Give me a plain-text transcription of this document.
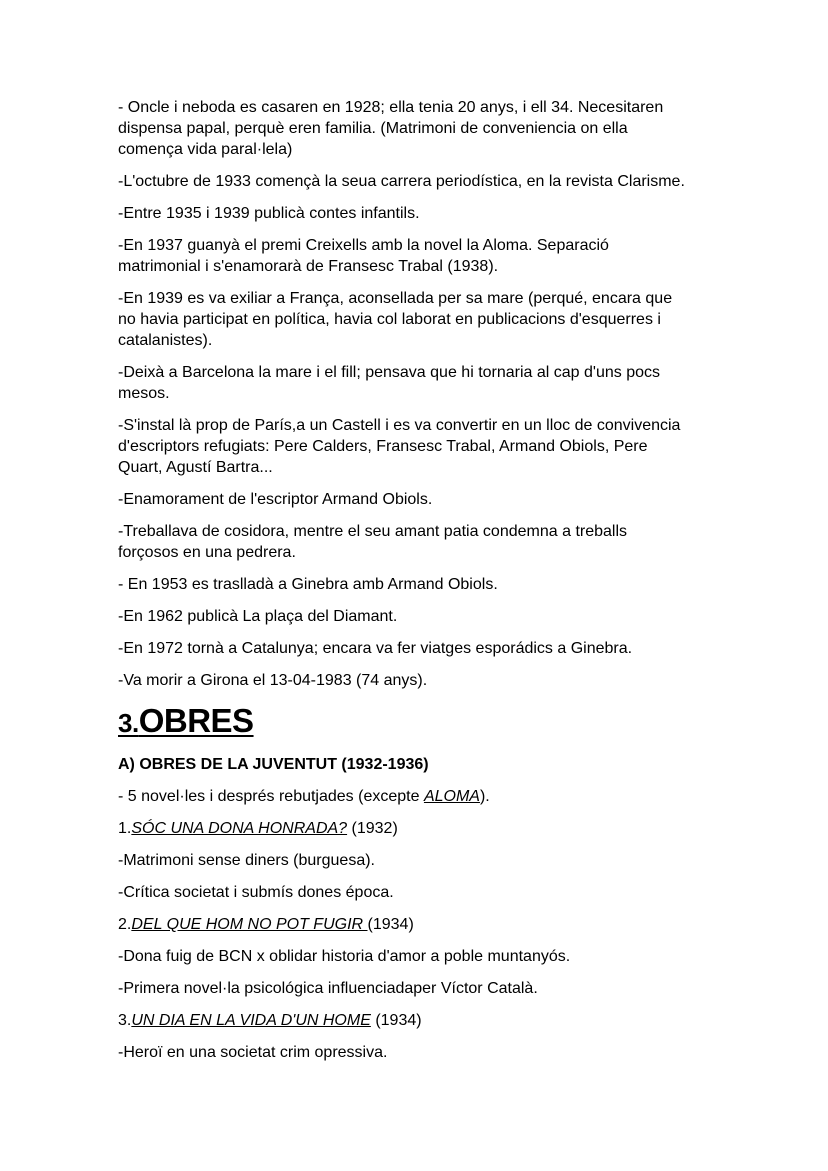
- Oncle i neboda es casaren en 1928; ella tenia 20 anys, i ell 34. Necesitaren
dispensa papal, perquè eren familia. (Matrimoni de conveniencia on ella
comença vida paral·lela)

-L'octubre de 1933 començà la seua carrera periodística, en la revista Clarisme.

-Entre 1935 i 1939 publicà contes infantils.

-En 1937 guanyà el premi Creixells amb la novel la Aloma. Separació
matrimonial i s'enamorarà de Fransesc Trabal (1938).

-En 1939 es va exiliar a França, aconsellada per sa mare (perqué, encara que
no havia participat en política, havia col laborat en publicacions d'esquerres i
catalanistes).

-Deixà a Barcelona la mare i el fill; pensava que hi tornaria al cap d'uns pocs
mesos.

-S'instal là prop de París,a un Castell i es va convertir en un lloc de convivencia
d'escriptors refugiats: Pere Calders, Fransesc Trabal, Armand Obiols, Pere
Quart, Agustí Bartra...

-Enamorament de l'escriptor Armand Obiols.

-Treballava de cosidora, mentre el seu amant patia condemna a treballs
forçosos en una pedrera.

- En 1953 es traslladà a Ginebra amb Armand Obiols.

-En 1962 publicà La plaça del Diamant.

-En 1972 tornà a Catalunya; encara va fer viatges esporádics a Ginebra.

-Va morir a Girona el 13-04-1983 (74 anys).

3.OBRES

A) OBRES DE LA JUVENTUT (1932-1936)

- 5 novel·les i després rebutjades (excepte ALOMA).

1.SÓC UNA DONA HONRADA? (1932)

-Matrimoni sense diners (burguesa).

-Crítica societat i submís dones época.

2.DEL QUE HOM NO POT FUGIR (1934)

-Dona fuig de BCN x oblidar historia d'amor a poble muntanyós.

-Primera novel·la psicológica influenciadaper Víctor Català.

3.UN DIA EN LA VIDA D'UN HOME (1934)

-Heroï en una societat crim opressiva.
